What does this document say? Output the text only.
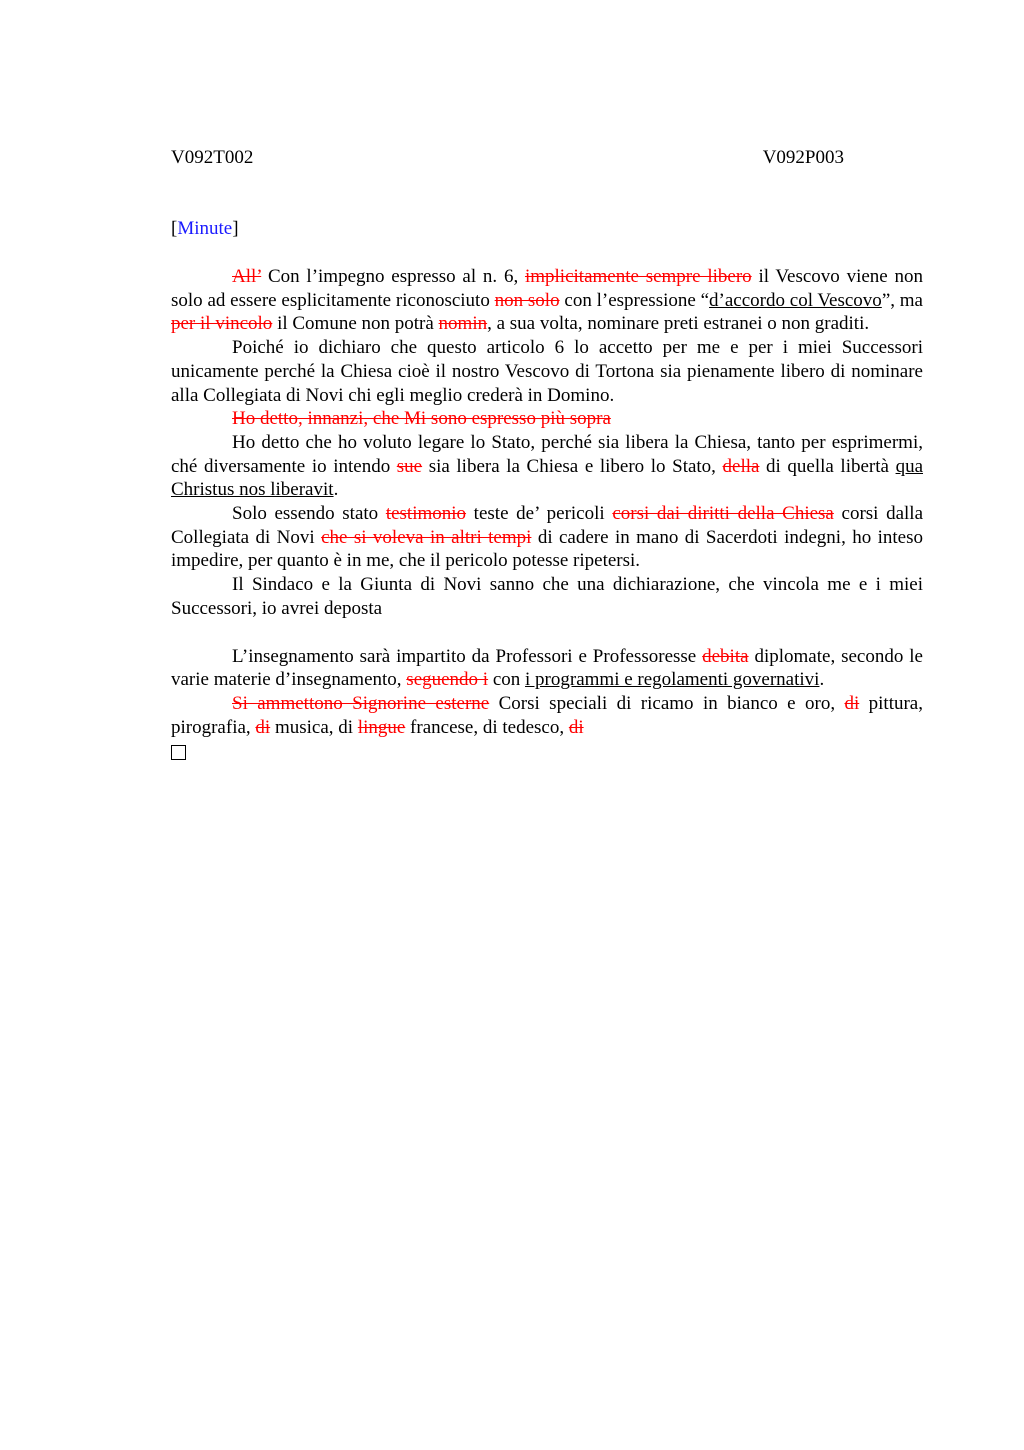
V092T002	V092P003
[Minute]

All’ Con l’impegno espresso al n. 6, implicitamente sempre libero il Vescovo viene non solo ad essere esplicitamente riconosciuto non solo con l’espressione “d’accordo col Vescovo”, ma per il vincolo il Comune non potrà nomin, a sua volta, nominare preti estranei o non graditi.

Poiché io dichiaro che questo articolo 6 lo accetto per me e per i miei Successori unicamente perché la Chiesa cioè il nostro Vescovo di Tortona sia pienamente libero di nominare alla Collegiata di Novi chi egli meglio crederà in Domino.

Ho detto, innanzi, che Mi sono espresso più sopra

Ho detto che ho voluto legare lo Stato, perché sia libera la Chiesa, tanto per esprimermi, ché diversamente io intendo sue sia libera la Chiesa e libero lo Stato, della di quella libertà qua Christus nos liberavit.

Solo essendo stato testimonio teste de’ pericoli corsi dai diritti della Chiesa corsi dalla Collegiata di Novi che si voleva in altri tempi di cadere in mano di Sacerdoti indegni, ho inteso impedire, per quanto è in me, che il pericolo potesse ripetersi.

Il Sindaco e la Giunta di Novi sanno che una dichiarazione, che vincola me e i miei Successori, io avrei deposta

L’insegnamento sarà impartito da Professori e Professoresse debita diplomate, secondo le varie materie d’insegnamento, seguendo i con i programmi e regolamenti governativi.

Si ammettono Signorine esterne Corsi speciali di ricamo in bianco e oro, di pittura, pirografia, di musica, di lingue francese, di tedesco, di
